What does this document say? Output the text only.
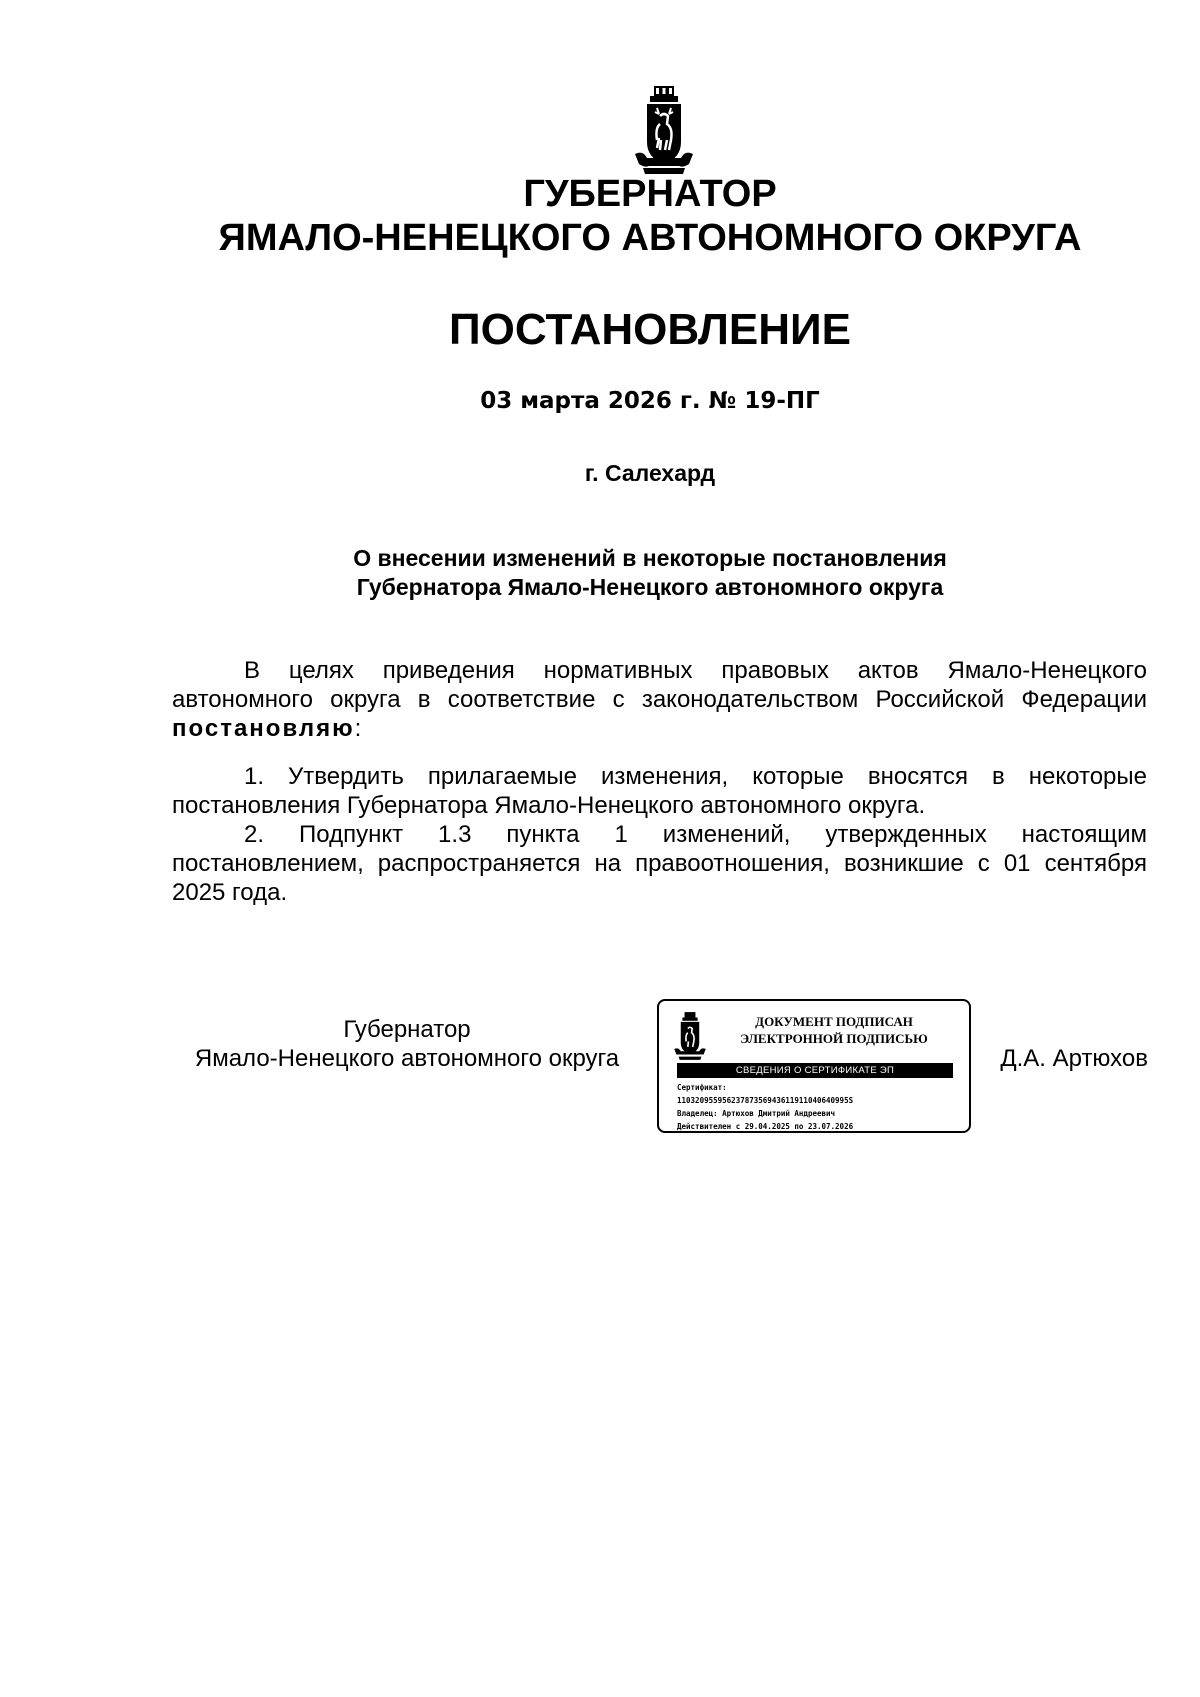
ГУБЕРНАТОР
ЯМАЛО-НЕНЕЦКОГО АВТОНОМНОГО ОКРУГА
ПОСТАНОВЛЕНИЕ
03 марта 2026 г. № 19-ПГ
г. Салехард
О внесении изменений в некоторые постановления
Губернатора Ямало-Ненецкого автономного округа

В целях приведения нормативных правовых актов Ямало-Ненецкого автономного округа в соответствие с законодательством Российской Федерации постановляю:

1. Утвердить прилагаемые изменения, которые вносятся в некоторые постановления Губернатора Ямало-Ненецкого автономного округа.

2. Подпункт 1.3 пункта 1 изменений, утвержденных настоящим постановлением, распространяется на правоотношения, возникшие с 01 сентября 2025 года.

Губернатор
Ямало-Ненецкого автономного округа
ДОКУМЕНТ ПОДПИСАН
ЭЛЕКТРОННОЙ ПОДПИСЬЮ
СВЕДЕНИЯ О СЕРТИФИКАТЕ ЭП
Сертификат:
11032095595623787356943611911040640995S
Владелец: Артюхов Дмитрий Андреевич
Действителен с 29.04.2025 по 23.07.2026
Д.А. Артюхов
